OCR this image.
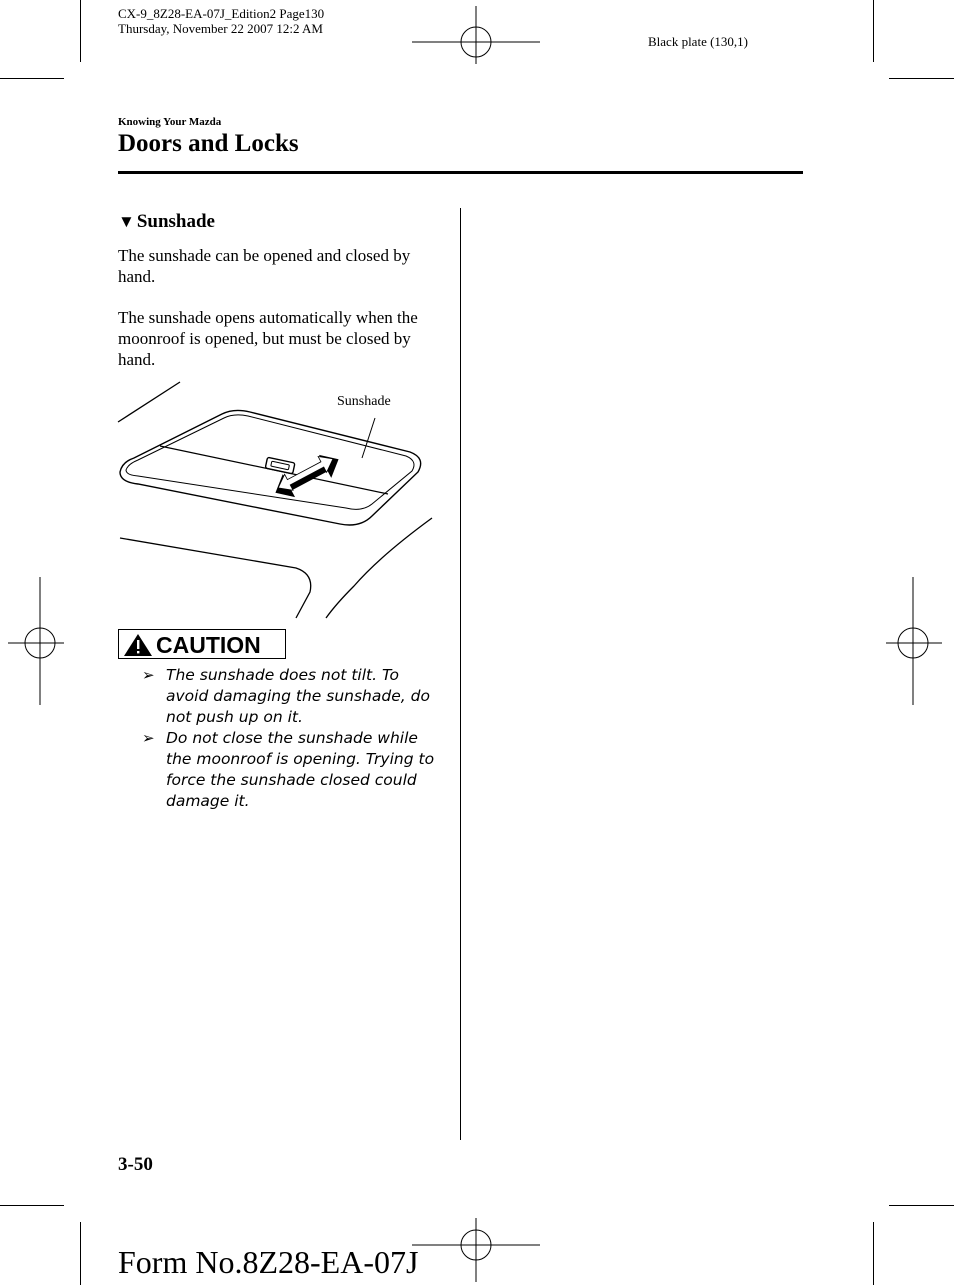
CX-9_8Z28-EA-07J_Edition2 Page130
Thursday, November 22 2007 12:2 AM
Black plate (130,1)
Knowing Your Mazda
Doors and Locks
▼ Sunshade

The sunshade can be opened and closed by hand.

The sunshade opens automatically when the moonroof is opened, but must be closed by hand.

Sunshade
CAUTION
➢ The sunshade does not tilt. To avoid damaging the sunshade, do not push up on it.
➢ Do not close the sunshade while the moonroof is opening. Trying to force the sunshade closed could damage it.
3-50
Form No.8Z28-EA-07J
